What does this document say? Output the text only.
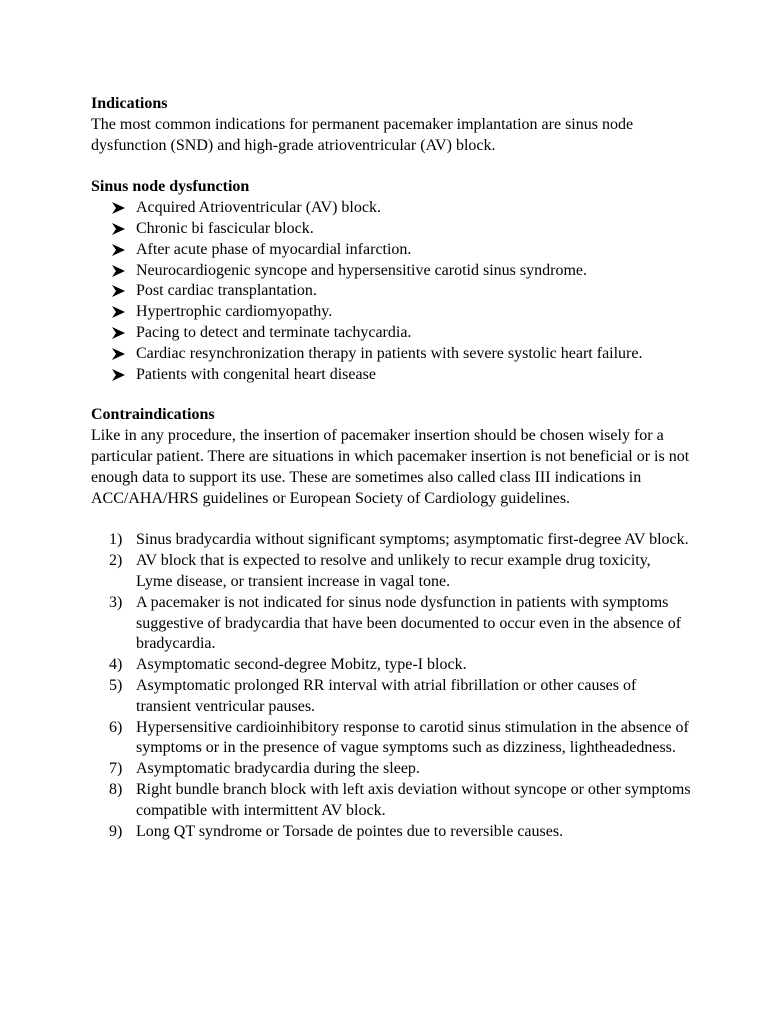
Indications

The most common indications for permanent pacemaker implantation are sinus node dysfunction (SND) and high-grade atrioventricular (AV) block.

Sinus node dysfunction
Acquired Atrioventricular (AV) block.
Chronic bi fascicular block.
After acute phase of myocardial infarction.
Neurocardiogenic syncope and hypersensitive carotid sinus syndrome.
Post cardiac transplantation.
Hypertrophic cardiomyopathy.
Pacing to detect and terminate tachycardia.
Cardiac resynchronization therapy in patients with severe systolic heart failure.
Patients with congenital heart disease
Contraindications

Like in any procedure, the insertion of pacemaker insertion should be chosen wisely for a particular patient. There are situations in which pacemaker insertion is not beneficial or is not enough data to support its use. These are sometimes also called class III indications in ACC/AHA/HRS guidelines or European Society of Cardiology guidelines.

1) Sinus bradycardia without significant symptoms; asymptomatic first-degree AV block.
2) AV block that is expected to resolve and unlikely to recur example drug toxicity, Lyme disease, or transient increase in vagal tone.
3) A pacemaker is not indicated for sinus node dysfunction in patients with symptoms suggestive of bradycardia that have been documented to occur even in the absence of bradycardia.
4) Asymptomatic second-degree Mobitz, type-I block.
5) Asymptomatic prolonged RR interval with atrial fibrillation or other causes of transient ventricular pauses.
6) Hypersensitive cardioinhibitory response to carotid sinus stimulation in the absence of symptoms or in the presence of vague symptoms such as dizziness, lightheadedness.
7) Asymptomatic bradycardia during the sleep.
8) Right bundle branch block with left axis deviation without syncope or other symptoms compatible with intermittent AV block.
9) Long QT syndrome or Torsade de pointes due to reversible causes.
